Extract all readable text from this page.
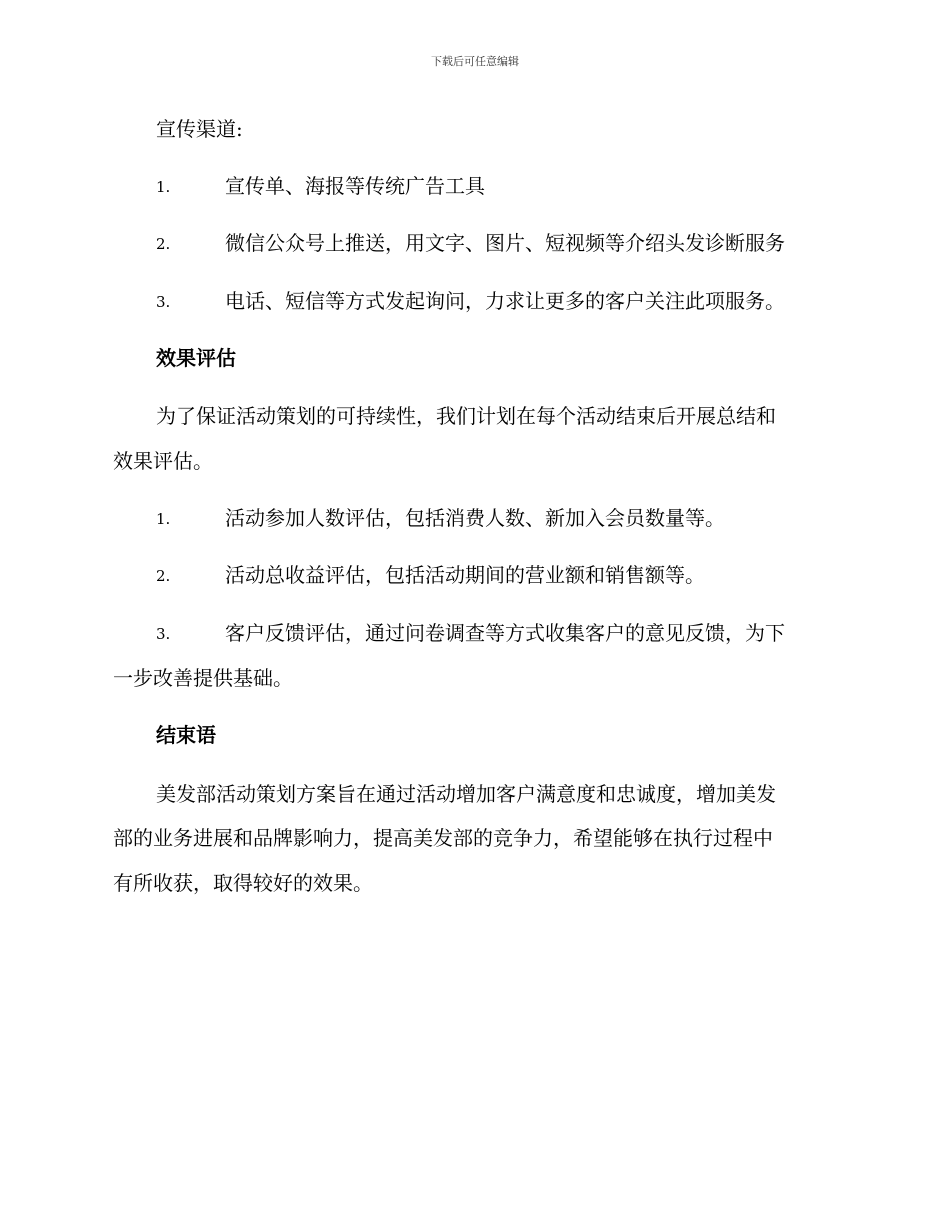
下载后可任意编辑
宣传渠道:
1.	宣传单、海报等传统广告工具
2.	微信公众号上推送，用文字、图片、短视频等介绍头发诊断服务
3.	电话、短信等方式发起询问，力求让更多的客户关注此项服务。
效果评估
为了保证活动策划的可持续性，我们计划在每个活动结束后开展总结和
效果评估。
1.	活动参加人数评估，包括消费人数、新加入会员数量等。
2.	活动总收益评估，包括活动期间的营业额和销售额等。
3.	客户反馈评估，通过问卷调查等方式收集客户的意见反馈，为下
一步改善提供基础。
结束语
美发部活动策划方案旨在通过活动增加客户满意度和忠诚度，增加美发
部的业务进展和品牌影响力，提高美发部的竞争力，希望能够在执行过程中
有所收获，取得较好的效果。
